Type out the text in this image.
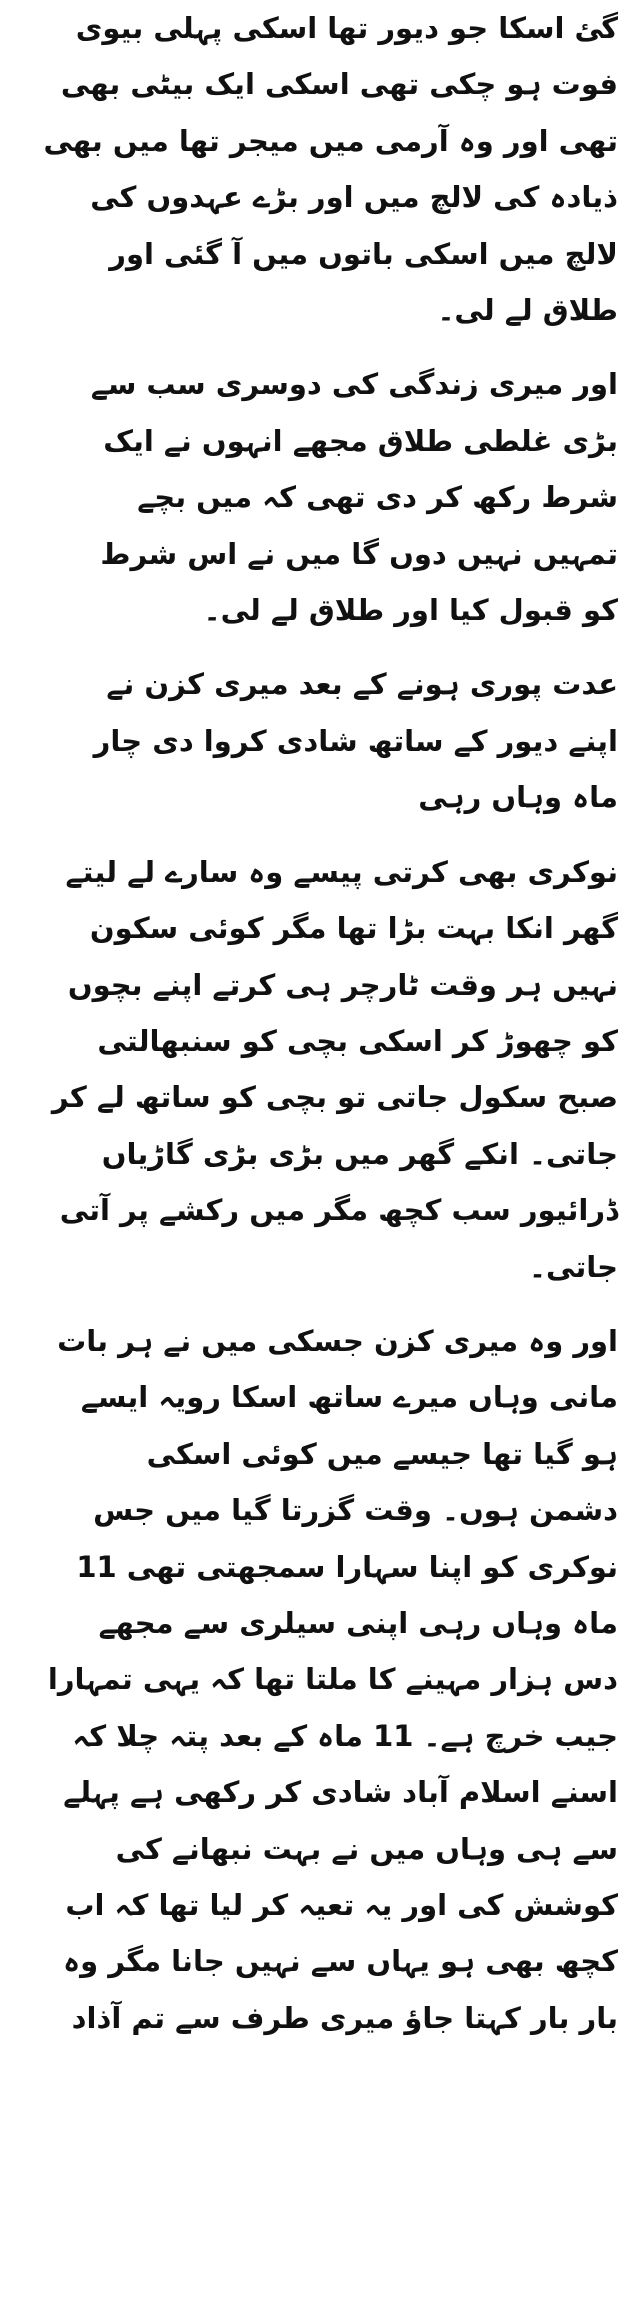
گئ اسکا جو دیور تھا اسکی پہلی بیوی
فوت ہو چکی تھی اسکی ایک بیٹی بھی
تھی اور وہ آرمی میں میجر تھا میں بھی
ذیادہ کی لالچ میں اور بڑے عہدوں کی
لالچ میں اسکی باتوں میں آ گئی اور
طلاق لے لی۔

اور میری زندگی کی دوسری سب سے
بڑی غلطی طلاق مجھے انہوں نے ایک
شرط رکھ کر دی تھی کہ میں بچے
تمہیں نہیں دوں گا میں نے اس شرط
کو قبول کیا اور طلاق لے لی۔

عدت پوری ہونے کے بعد میری کزن نے
اپنے دیور کے ساتھ شادی کروا دی چار
ماہ وہاں رہی

نوکری بھی کرتی پیسے وہ سارے لے لیتے
گھر انکا بہت بڑا تھا مگر کوئی سکون
نہیں ہر وقت ٹارچر ہی کرتے اپنے بچوں
کو چھوڑ کر اسکی بچی کو سنبھالتی
صبح سکول جاتی تو بچی کو ساتھ لے کر
جاتی۔ انکے گھر میں بڑی بڑی گاڑیاں
ڈرائیور سب کچھ مگر میں رکشے پر آتی
جاتی۔

اور وہ میری کزن جسکی میں نے ہر بات
مانی وہاں میرے ساتھ اسکا رویہ ایسے
ہو گیا تھا جیسے میں کوئی اسکی
دشمن ہوں۔ وقت گزرتا گیا میں جس
نوکری کو اپنا سہارا سمجھتی تھی 11
ماہ وہاں رہی اپنی سیلری سے مجھے
دس ہزار مہینے کا ملتا تھا کہ یہی تمہارا
جیب خرچ ہے۔ 11 ماہ کے بعد پتہ چلا کہ
اسنے اسلام آباد شادی کر رکھی ہے پہلے
سے ہی وہاں میں نے بہت نبھانے کی
کوشش کی اور یہ تعیہ کر لیا تھا کہ اب
کچھ بھی ہو یہاں سے نہیں جانا مگر وہ
بار بار کہتا جاؤ میری طرف سے تم آذاد
